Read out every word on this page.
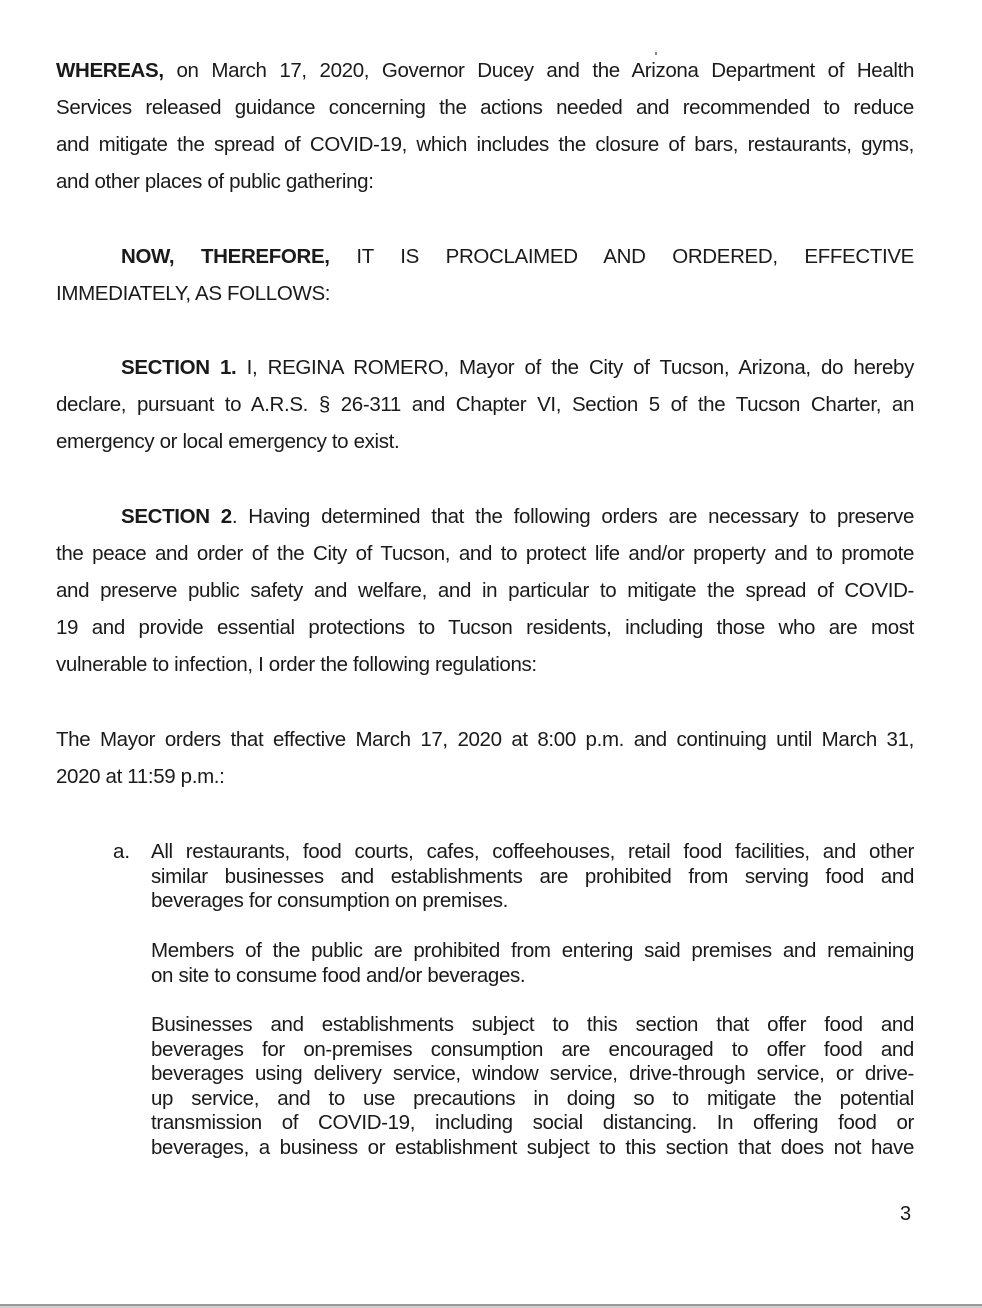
WHEREAS, on March 17, 2020, Governor Ducey and the Arizona Department of Health
Services released guidance concerning the actions needed and recommended to reduce
and mitigate the spread of COVID-19, which includes the closure of bars, restaurants, gyms,
and other places of public gathering:

NOW, THEREFORE, IT IS PROCLAIMED AND ORDERED, EFFECTIVE
IMMEDIATELY, AS FOLLOWS:

SECTION 1. I, REGINA ROMERO, Mayor of the City of Tucson, Arizona, do hereby
declare, pursuant to A.R.S. § 26-311 and Chapter VI, Section 5 of the Tucson Charter, an
emergency or local emergency to exist.

SECTION 2. Having determined that the following orders are necessary to preserve
the peace and order of the City of Tucson, and to protect life and/or property and to promote
and preserve public safety and welfare, and in particular to mitigate the spread of COVID-
19 and provide essential protections to Tucson residents, including those who are most
vulnerable to infection, I order the following regulations:

The Mayor orders that effective March 17, 2020 at 8:00 p.m. and continuing until March 31,
2020 at 11:59 p.m.:

a. All restaurants, food courts, cafes, coffeehouses, retail food facilities, and other
similar businesses and establishments are prohibited from serving food and
beverages for consumption on premises.

Members of the public are prohibited from entering said premises and remaining
on site to consume food and/or beverages.

Businesses and establishments subject to this section that offer food and
beverages for on-premises consumption are encouraged to offer food and
beverages using delivery service, window service, drive-through service, or drive-
up service, and to use precautions in doing so to mitigate the potential
transmission of COVID-19, including social distancing. In offering food or
beverages, a business or establishment subject to this section that does not have

3
